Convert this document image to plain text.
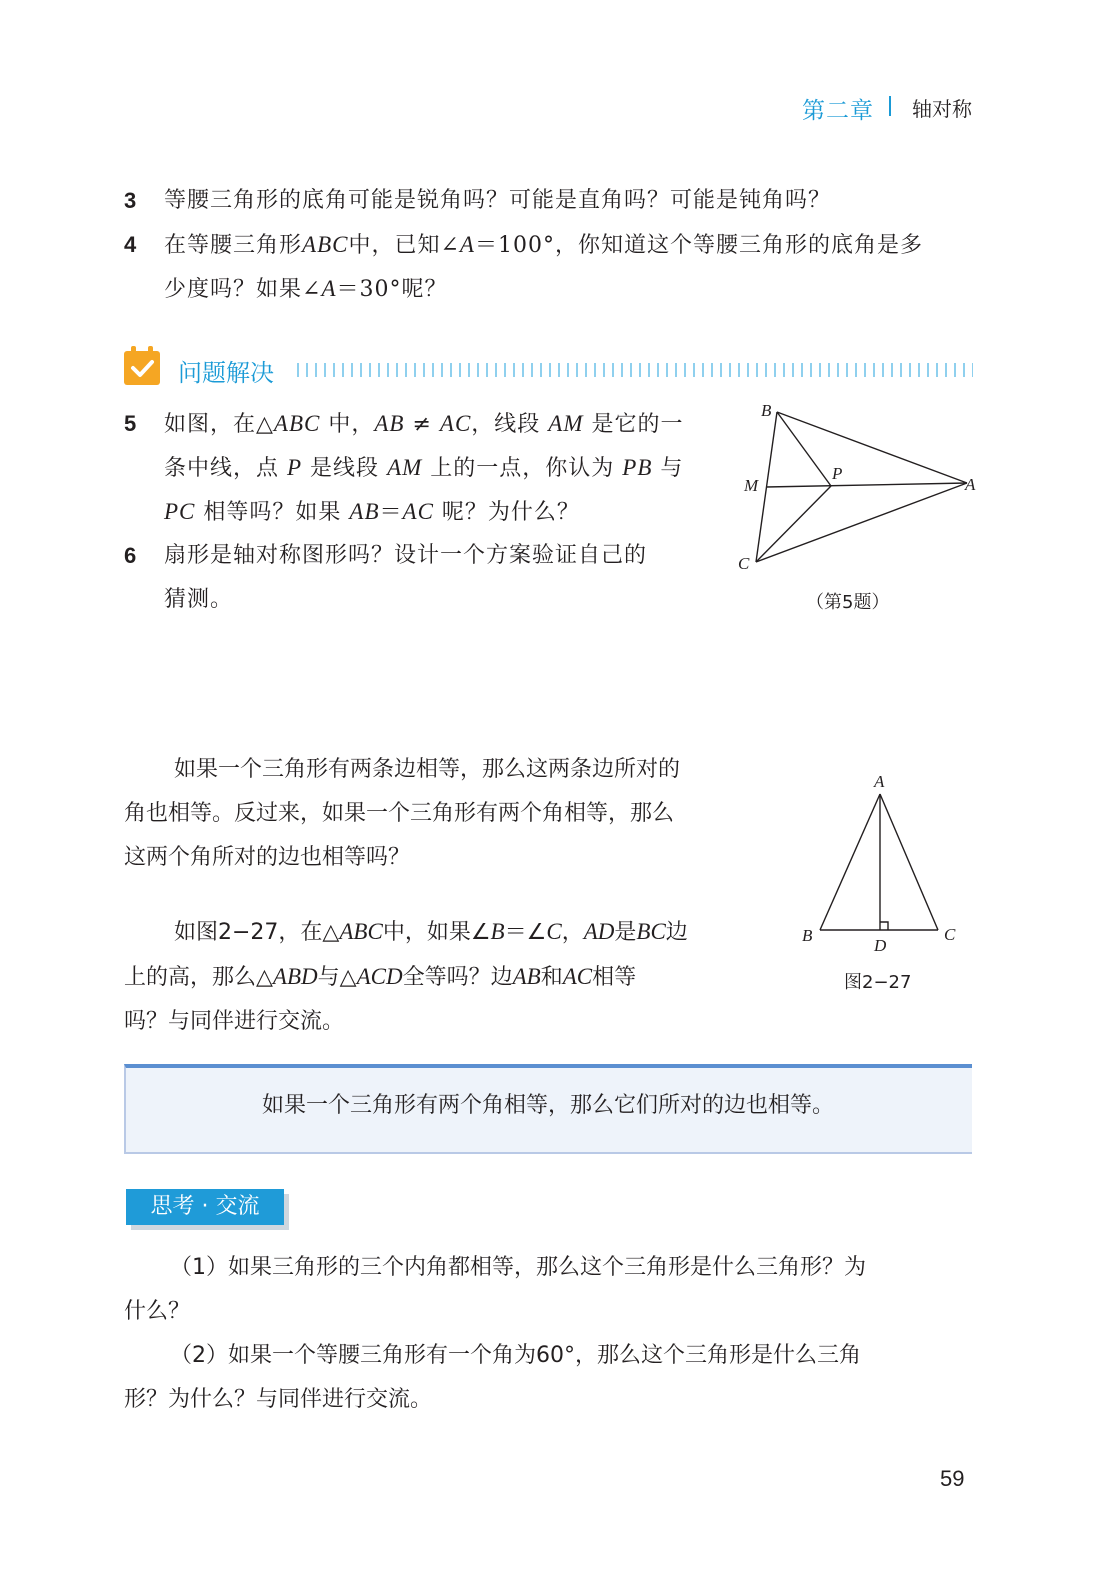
第二章 轴对称
3 等腰三角形的底角可能是锐角吗？可能是直角吗？可能是钝角吗？
4 在等腰三角形ABC中，已知∠A＝100°，你知道这个等腰三角形的底角是多
少度吗？如果∠A＝30°呢？
问题解决
5 如图，在△ABC 中，AB ≠ AC，线段 AM 是它的一
条中线，点 P 是线段 AM 上的一点，你认为 PB 与
PC 相等吗？如果 AB＝AC 呢？为什么？
6 扇形是轴对称图形吗？设计一个方案验证自己的
猜测。
B
M
P
A
C
（第5题）
如果一个三角形有两条边相等，那么这两条边所对的
角也相等。反过来，如果一个三角形有两个角相等，那么
这两个角所对的边也相等吗？
如图2−27，在△ABC中，如果∠B＝∠C，AD是BC边
上的高，那么△ABD与△ACD全等吗？边AB和AC相等
吗？与同伴进行交流。
A
B	C
D
图2−27
如果一个三角形有两个角相等，那么它们所对的边也相等。
思考 · 交流
（1）如果三角形的三个内角都相等，那么这个三角形是什么三角形？为
什么？
（2）如果一个等腰三角形有一个角为60°，那么这个三角形是什么三角
形？为什么？与同伴进行交流。
59
